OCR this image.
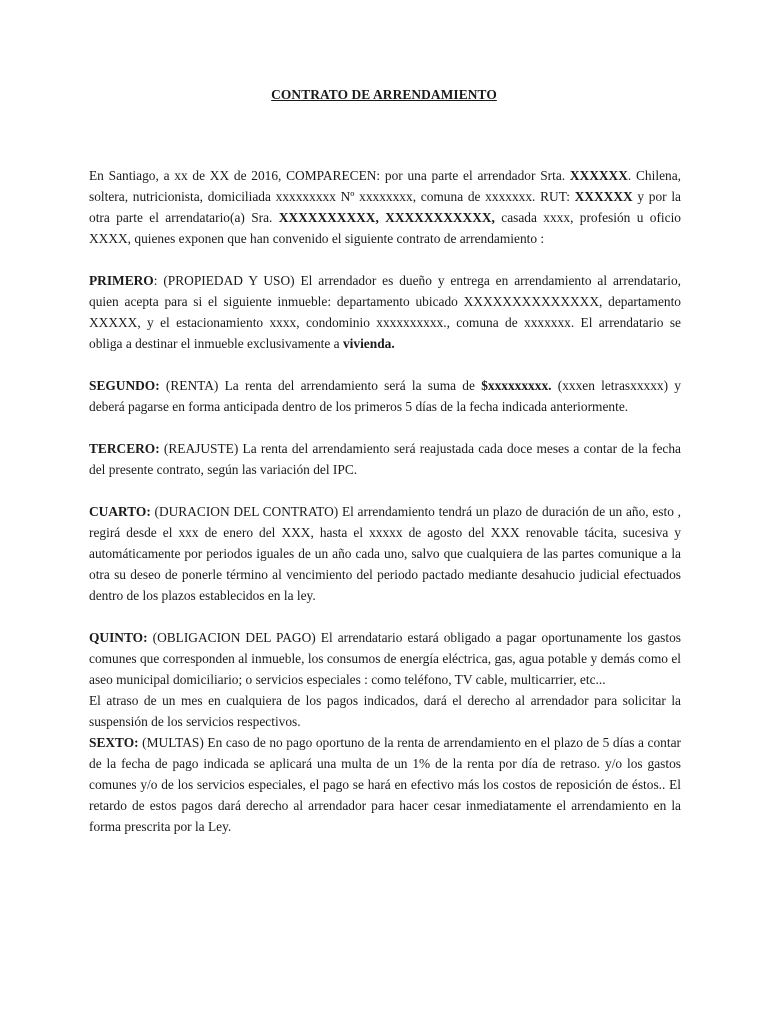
CONTRATO DE ARRENDAMIENTO

En Santiago, a xx de XX de 2016, COMPARECEN: por una parte el arrendador Srta. XXXXXX. Chilena, soltera, nutricionista, domiciliada xxxxxxxxx Nº xxxxxxxx, comuna de xxxxxxx. RUT: XXXXXX y por la otra parte el arrendatario(a) Sra. XXXXXXXXXX, XXXXXXXXXXX, casada xxxx, profesión u oficio XXXX, quienes exponen que han convenido el siguiente contrato de arrendamiento :

PRIMERO: (PROPIEDAD Y USO) El arrendador es dueño y entrega en arrendamiento al arrendatario, quien acepta para si el siguiente inmueble: departamento ubicado XXXXXXXXXXXXXX, departamento XXXXX, y el estacionamiento xxxx, condominio xxxxxxxxxx., comuna de xxxxxxx. El arrendatario se obliga a destinar el inmueble exclusivamente a vivienda.

SEGUNDO: (RENTA) La renta del arrendamiento será la suma de $xxxxxxxxx. (xxxen letrasxxxxx) y deberá pagarse en forma anticipada dentro de los primeros 5 días de la fecha indicada anteriormente.

TERCERO: (REAJUSTE) La renta del arrendamiento será reajustada cada doce meses a contar de la fecha del presente contrato, según las variación del IPC.

CUARTO: (DURACION DEL CONTRATO) El arrendamiento tendrá un plazo de duración de un año, esto , regirá desde el xxx de enero del XXX, hasta el xxxxx de agosto del XXX renovable tácita, sucesiva y automáticamente por periodos iguales de un año cada uno, salvo que cualquiera de las partes comunique a la otra su deseo de ponerle término al vencimiento del periodo pactado mediante desahucio judicial efectuados dentro de los plazos establecidos en la ley.

QUINTO: (OBLIGACION DEL PAGO) El arrendatario estará obligado a pagar oportunamente los gastos comunes que corresponden al inmueble, los consumos de energía eléctrica, gas, agua potable y demás como el aseo municipal domiciliario; o servicios especiales : como teléfono, TV cable, multicarrier, etc...

El atraso de un mes en cualquiera de los pagos indicados, dará el derecho al arrendador para solicitar la suspensión de los servicios respectivos.

SEXTO: (MULTAS) En caso de no pago oportuno de la renta de arrendamiento en el plazo de 5 días a contar de la fecha de pago indicada se aplicará una multa de un 1% de la renta por día de retraso. y/o los gastos comunes y/o de los servicios especiales, el pago se hará en efectivo más los costos de reposición de éstos.. El retardo de estos pagos dará derecho al arrendador para hacer cesar inmediatamente el arrendamiento en la forma prescrita por la Ley.
